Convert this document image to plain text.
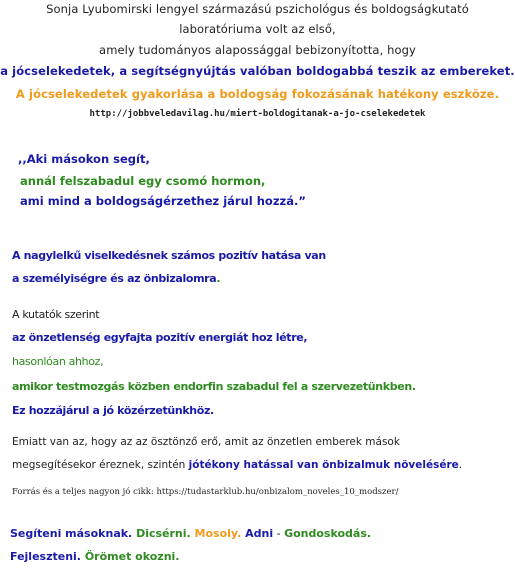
Sonja Lyubomirski lengyel származású pszichológus és boldogságkutató
laboratóriuma volt az első,
amely tudományos alapossággal bebizonyította, hogy
a jócselekedetek, a segítségnyújtás valóban boldogabbá teszik az embereket.
A jócselekedetek gyakorlása a boldogság fokozásának hatékony eszköze.
http://jobbveledavilag.hu/miert-boldogitanak-a-jo-cselekedetek
,,Aki másokon segít,
annál felszabadul egy csomó hormon,
ami mind a boldogságérzethez járul hozzá.”
A nagylelkű viselkedésnek számos pozitív hatása van
a személyiségre és az önbizalomra.
A kutatók szerint
az önzetlenség egyfajta pozitív energiát hoz létre,
hasonlóan ahhoz,
amikor testmozgás közben endorfin szabadul fel a szervezetünkben.
Ez hozzájárul a jó közérzetünkhöz.
Emiatt van az, hogy az az ösztönző erő, amit az önzetlen emberek mások
megsegítésekor éreznek, szintén jótékony hatással van önbizalmuk növelésére.
Forrás és a teljes nagyon jó cikk: https://tudastarklub.hu/onbizalom_noveles_10_modszer/
Segíteni másoknak. Dicsérni. Mosoly. Adni - Gondoskodás.
Fejleszteni. Örömet okozni.
